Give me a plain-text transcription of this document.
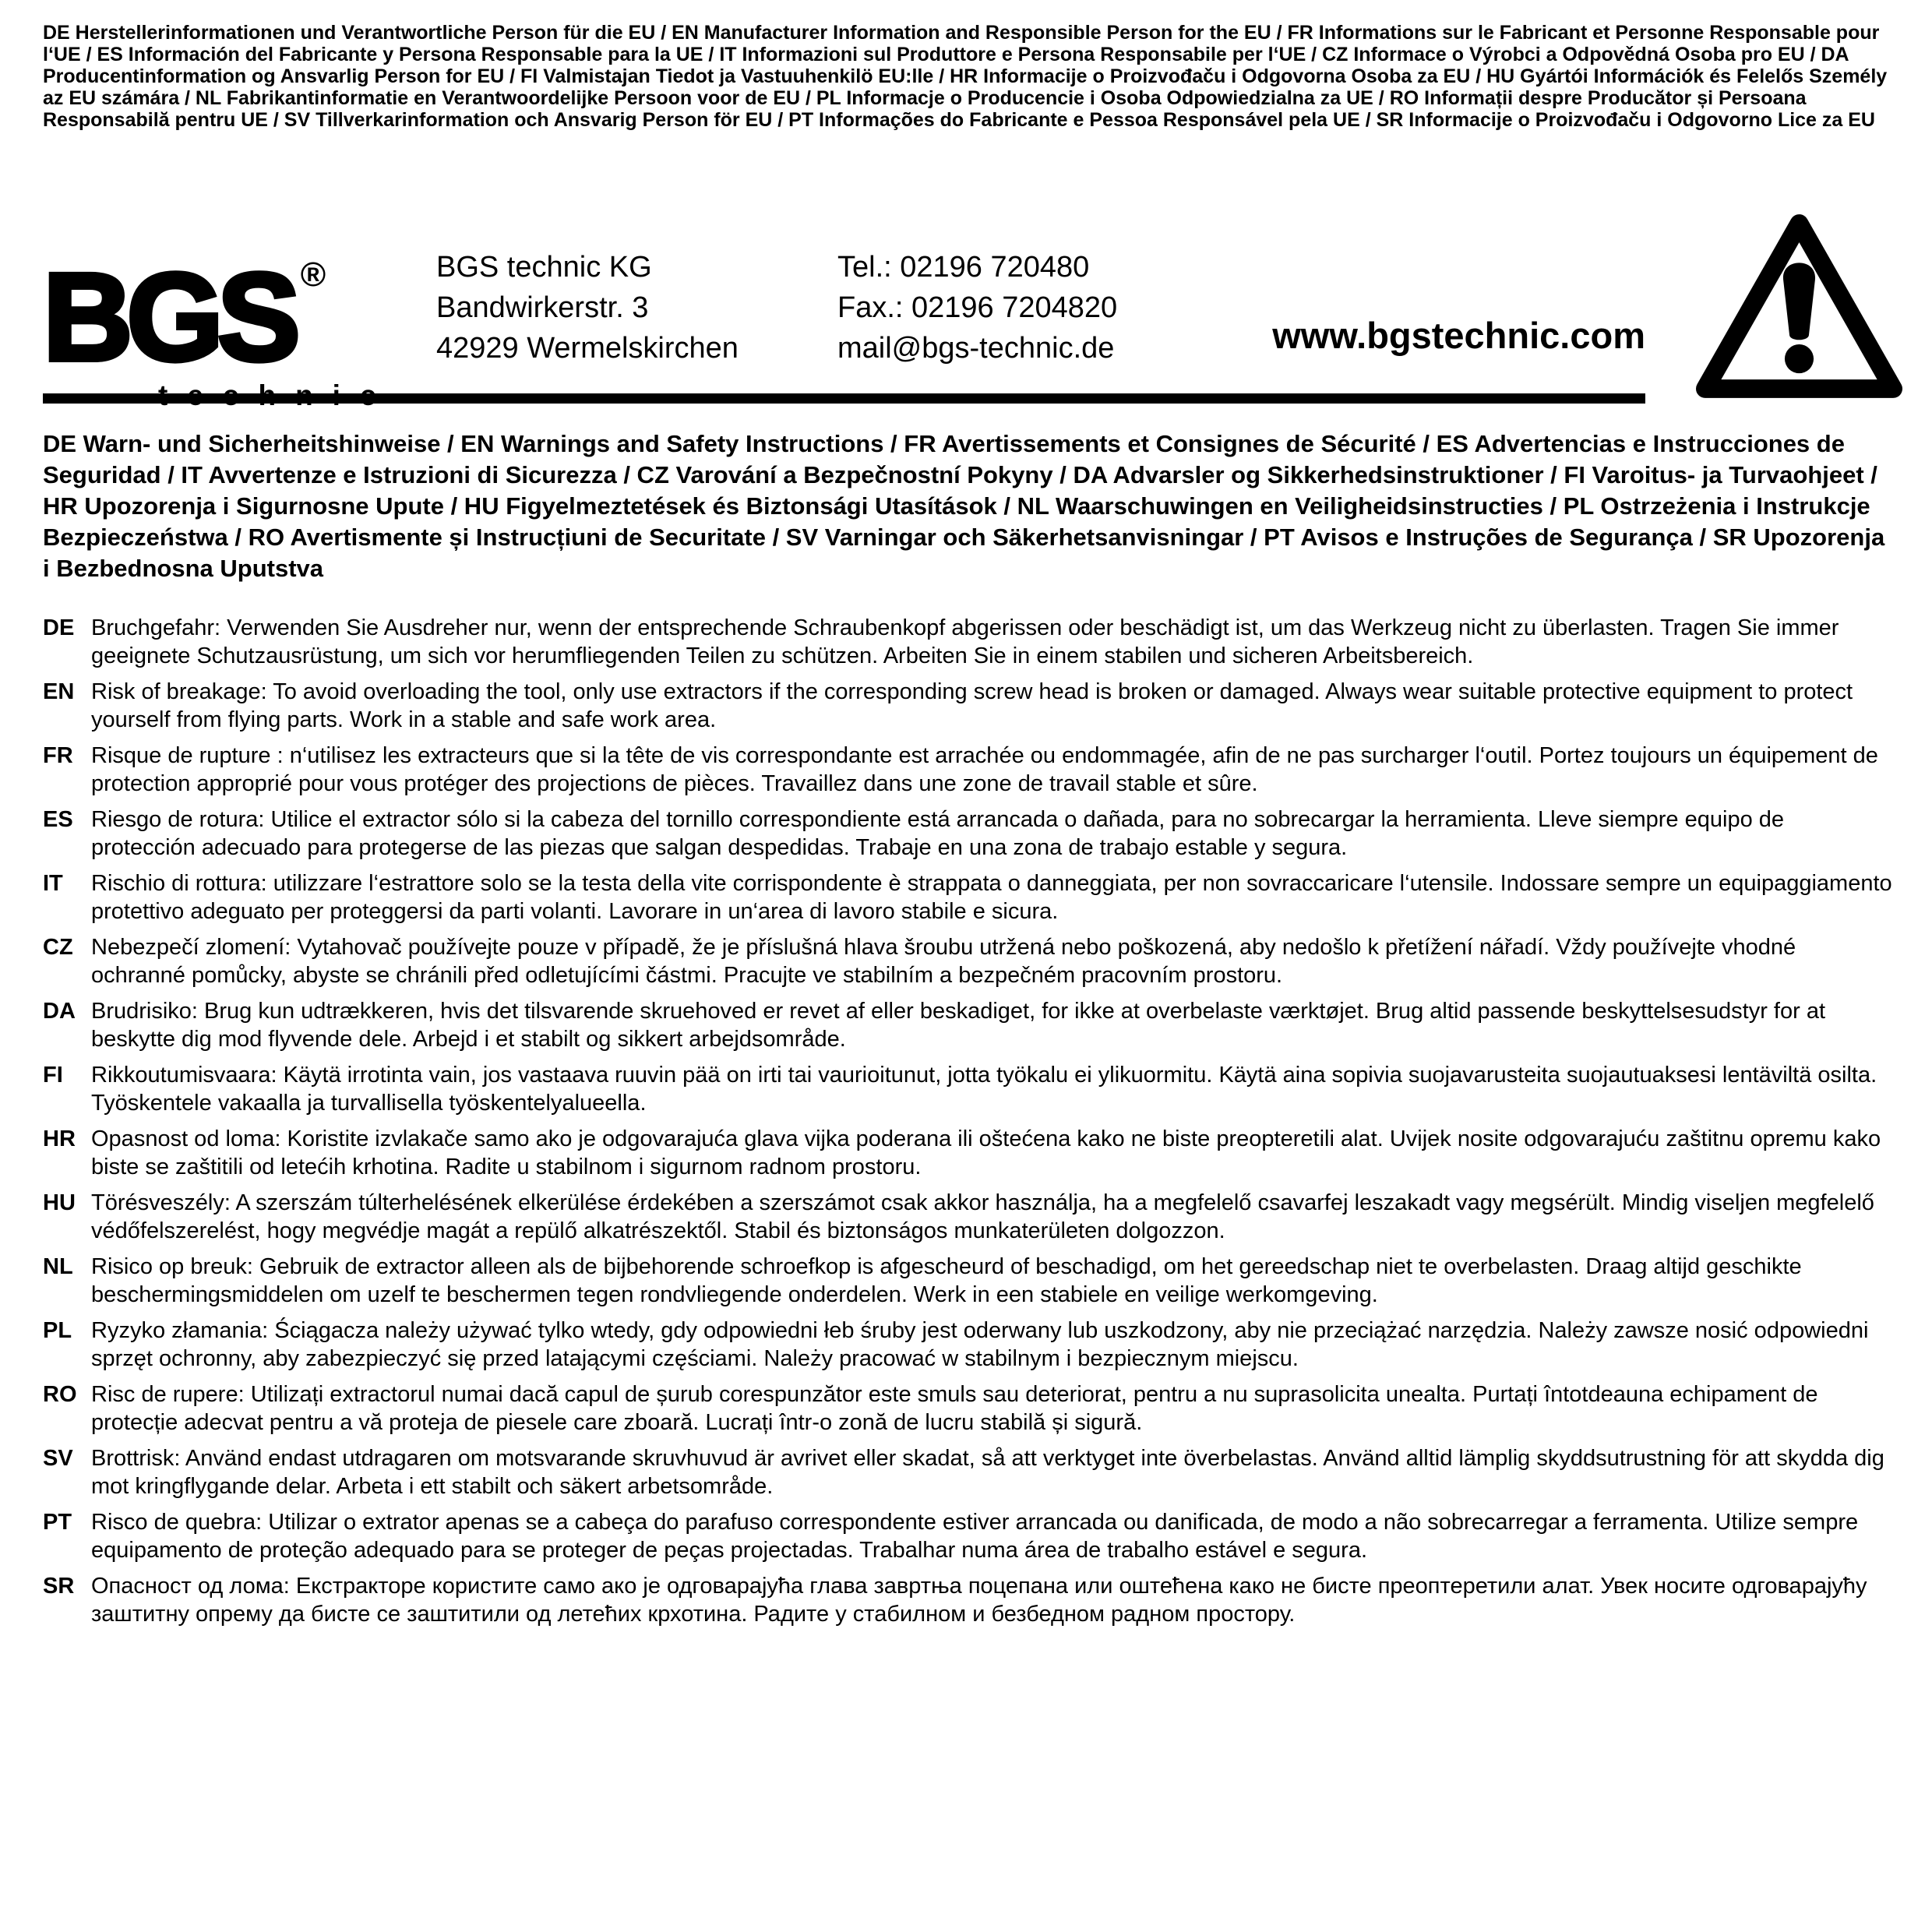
DE Herstellerinformationen und Verantwortliche Person für die EU / EN Manufacturer Information and Responsible Person for the EU / FR Informations sur le Fabricant et Personne Responsable pour l‘UE / ES Información del Fabricante y Persona Responsable para la UE / IT Informazioni sul Produttore e Persona Responsabile per l‘UE / CZ Informace o Výrobci a Odpovědná Osoba pro EU / DA Producentinformation og Ansvarlig Person for EU / FI Valmistajan Tiedot ja Vastuuhenkilö EU:lle / HR Informacije o Proizvođaču i Odgovorna Osoba za EU / HU Gyártói Információk és Felelős Személy az EU számára / NL Fabrikantinformatie en Verantwoordelijke Persoon voor de EU / PL Informacje o Producencie i Osoba Odpowiedzialna za UE / RO Informații despre Producător și Persoana Responsabilă pentru UE / SV Tillverkarinformation och Ansvarig Person för EU / PT Informações do Fabricante e Pessoa Responsável pela UE / SR Informacije o Proizvođaču i Odgovorno Lice za EU

BGS ®	BGS technic KG
Bandwirkerstr. 3
42929 Wermelskirchen
Tel.: 02196 720480
Fax.: 02196 7204820
mail@bgs-technic.de	www.bgstechnic.com

DE Warn- und Sicherheitshinweise / EN Warnings and Safety Instructions / FR Avertissements et Consignes de Sécurité / ES Advertencias e Instrucciones de Seguridad / IT Avvertenze e Istruzioni di Sicurezza / CZ Varování a Bezpečnostní Pokyny / DA Advarsler og Sikkerhedsinstruktioner / FI Varoitus- ja Turvaohjeet / HR Upozorenja i Sigurnosne Upute / HU Figyelmeztetések és Biztonsági Utasítások / NL Waarschuwingen en Veiligheidsinstructies / PL Ostrzeżenia i Instrukcje Bezpieczeństwa / RO Avertismente și Instrucțiuni de Securitate / SV Varningar och Säkerhetsanvisningar / PT Avisos e Instruções de Segurança / SR Upozorenja i Bezbednosna Uputstva

DE Bruchgefahr: Verwenden Sie Ausdreher nur, wenn der entsprechende Schraubenkopf abgerissen oder beschädigt ist, um das Werkzeug nicht zu überlasten. Tragen Sie immer geeignete Schutzausrüstung, um sich vor herumfliegenden Teilen zu schützen. Arbeiten Sie in einem stabilen und sicheren Arbeitsbereich.
EN Risk of breakage: To avoid overloading the tool, only use extractors if the corresponding screw head is broken or damaged. Always wear suitable protective equipment to protect yourself from flying parts. Work in a stable and safe work area.
FR Risque de rupture : n‘utilisez les extracteurs que si la tête de vis correspondante est arrachée ou endommagée, afin de ne pas surcharger l‘outil. Portez toujours un équipement de protection approprié pour vous protéger des projections de pièces. Travaillez dans une zone de travail stable et sûre.
ES Riesgo de rotura: Utilice el extractor sólo si la cabeza del tornillo correspondiente está arrancada o dañada, para no sobrecargar la herramienta. Lleve siempre equipo de protección adecuado para protegerse de las piezas que salgan despedidas. Trabaje en una zona de trabajo estable y segura.
IT	Rischio di rottura: utilizzare l‘estrattore solo se la testa della vite corrispondente è strappata o danneggiata, per non sovraccaricare l‘utensile. Indossare sempre un equipaggiamento protettivo adeguato per proteggersi da parti volanti. Lavorare in un‘area di lavoro stabile e sicura.
CZ Nebezpečí zlomení: Vytahovač používejte pouze v případě, že je příslušná hlava šroubu utržená nebo poškozená, aby nedošlo k přetížení nářadí. Vždy používejte vhodné ochranné pomůcky, abyste se chránili před odletujícími částmi. Pracujte ve stabilním a bezpečném pracovním prostoru.
DA Brudrisiko: Brug kun udtrækkeren, hvis det tilsvarende skruehoved er revet af eller beskadiget, for ikke at overbelaste værktøjet. Brug altid passende beskyttelsesudstyr for at beskytte dig mod flyvende dele. Arbejd i et stabilt og sikkert arbejdsområde.
FI	Rikkoutumisvaara: Käytä irrotinta vain, jos vastaava ruuvin pää on irti tai vaurioitunut, jotta työkalu ei ylikuormitu. Käytä aina sopivia suojavarusteita suojautuaksesi lentäviltä osilta. Työskentele vakaalla ja turvallisella työskentelyalueella.
HR Opasnost od loma: Koristite izvlakače samo ako je odgovarajuća glava vijka poderana ili oštećena kako ne biste preopteretili alat. Uvijek nosite odgovarajuću zaštitnu opremu kako biste se zaštitili od letećih krhotina. Radite u stabilnom i sigurnom radnom prostoru.
HU Törésveszély: A szerszám túlterhelésének elkerülése érdekében a szerszámot csak akkor használja, ha a megfelelő csavarfej leszakadt vagy megsérült. Mindig viseljen megfelelő védőfelszerelést, hogy megvédje magát a repülő alkatrészektől. Stabil és biztonságos munkaterületen dolgozzon.
NL Risico op breuk: Gebruik de extractor alleen als de bijbehorende schroefkop is afgescheurd of beschadigd, om het gereedschap niet te overbelasten. Draag altijd geschikte beschermingsmiddelen om uzelf te beschermen tegen rondvliegende onderdelen. Werk in een stabiele en veilige werkomgeving.
PL Ryzyko złamania: Ściągacza należy używać tylko wtedy, gdy odpowiedni łeb śruby jest oderwany lub uszkodzony, aby nie przeciążać narzędzia. Należy zawsze nosić odpowiedni sprzęt ochronny, aby zabezpieczyć się przed latającymi częściami. Należy pracować w stabilnym i bezpiecznym miejscu.
RO Risc de rupere: Utilizați extractorul numai dacă capul de șurub corespunzător este smuls sau deteriorat, pentru a nu suprasolicita unealta. Purtați întotdeauna echipament de protecție adecvat pentru a vă proteja de piesele care zboară. Lucrați într-o zonă de lucru stabilă și sigură.
SV Brottrisk: Använd endast utdragaren om motsvarande skruvhuvud är avrivet eller skadat, så att verktyget inte överbelastas. Använd alltid lämplig skyddsutrustning för att skydda dig mot kringflygande delar. Arbeta i ett stabilt och säkert arbetsområde.
PT Risco de quebra: Utilizar o extrator apenas se a cabeça do parafuso correspondente estiver arrancada ou danificada, de modo a não sobrecarregar a ferramenta. Utilize sempre equipamento de proteção adequado para se proteger de peças projectadas. Trabalhar numa área de trabalho estável e segura.
SR Опасност од лома: Екстракторе користите само ако је одговарајућа глава завртња поцепана или оштећена како не бисте преоптеретили алат. Увек носите одговарајућу заштитну опрему да бисте се заштитили од летећих крхотина. Радите у стабилном и безбедном радном простору.
